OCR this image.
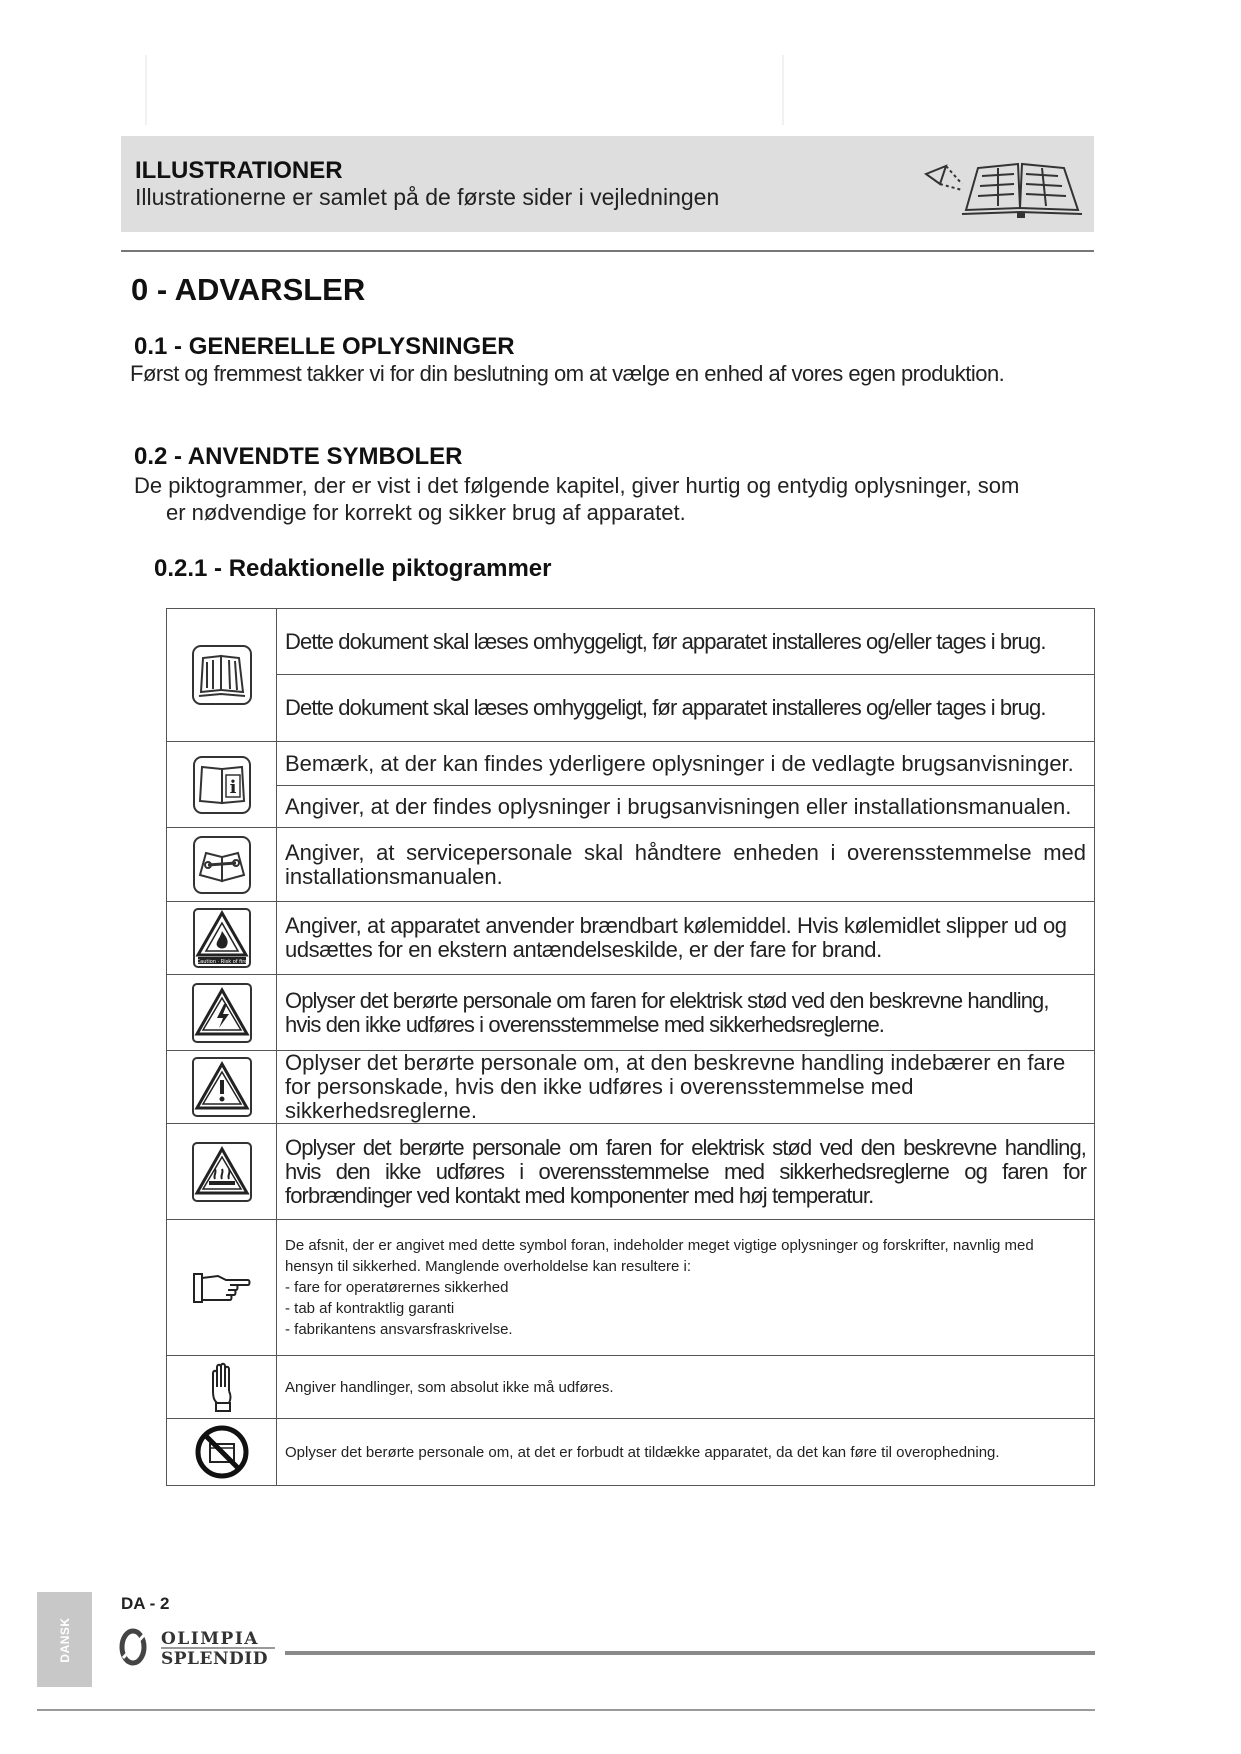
ILLUSTRATIONER
Illustrationerne er samlet på de første sider i vejledningen
0 - ADVARSLER
0.1 - GENERELLE OPLYSNINGER
Først og fremmest takker vi for din beslutning om at vælge en enhed af vores egen produktion.
0.2 - ANVENDTE SYMBOLER
De piktogrammer, der er vist i det følgende kapitel, giver hurtig og entydig oplysninger, som
er nødvendige for korrekt og sikker brug af apparatet.
0.2.1 - Redaktionelle piktogrammer
Dette dokument skal læses omhyggeligt, før apparatet installeres og/eller tages i brug.
Dette dokument skal læses omhyggeligt, før apparatet installeres og/eller tages i brug.
i
Bemærk, at der kan findes yderligere oplysninger i de vedlagte brugsanvisninger.
Angiver, at der findes oplysninger i brugsanvisningen eller installationsmanualen.
Angiver, at servicepersonale skal håndtere enheden i overensstemmelse med installationsmanualen.
Caution · Risk of fire
Angiver, at apparatet anvender brændbart kølemiddel. Hvis kølemidlet slipper ud og udsættes for en ekstern antændelseskilde, er der fare for brand.
Oplyser det berørte personale om faren for elektrisk stød ved den beskrevne handling, hvis den ikke udføres i overensstemmelse med sikkerhedsreglerne.
Oplyser det berørte personale om, at den beskrevne handling indebærer en fare for personskade, hvis den ikke udføres i overensstemmelse med sikkerhedsreglerne.
Oplyser det berørte personale om faren for elektrisk stød ved den beskrevne handling, hvis den ikke udføres i overensstemmelse med sikkerhedsreglerne og faren for forbrændinger ved kontakt med komponenter med høj temperatur.
De afsnit, der er angivet med dette symbol foran, indeholder meget vigtige oplysninger og forskrifter, navnlig med hensyn til sikkerhed. Manglende overholdelse kan resultere i:
- fare for operatørernes sikkerhed
- tab af kontraktlig garanti
- fabrikantens ansvarsfraskrivelse.
Angiver handlinger, som absolut ikke må udføres.
Oplyser det berørte personale om, at det er forbudt at tildække apparatet, da det kan føre til overophedning.
DANSK
DA - 2
OLIMPIA
SPLENDID
